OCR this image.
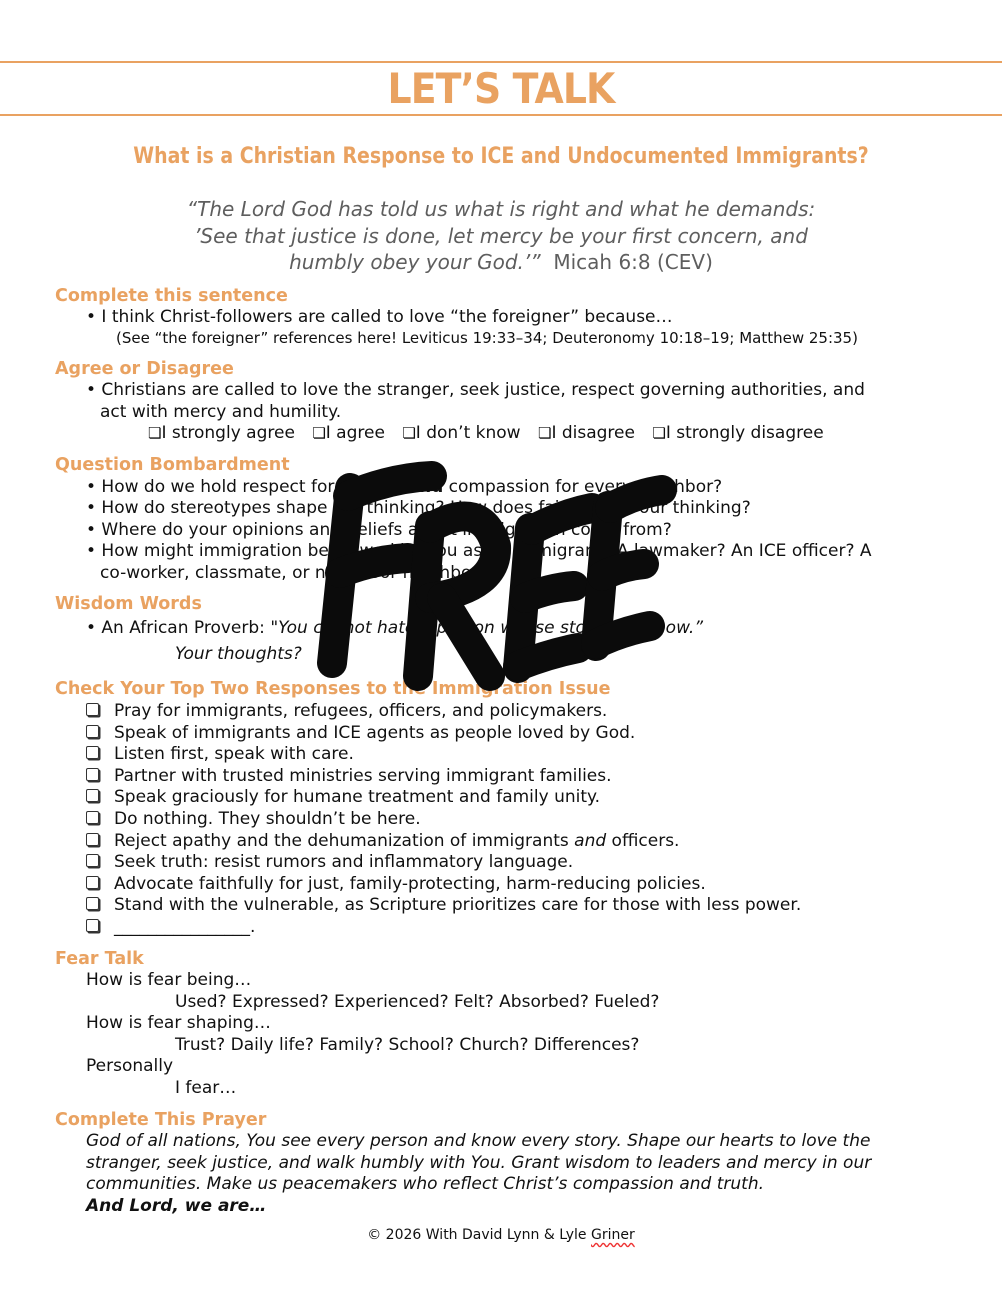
LET’S TALK
What is a Christian Response to ICE and Undocumented Immigrants?
“The Lord God has told us what is right and what he demands:
’See that justice is done, let mercy be your first concern, and
humbly obey your God.’” Micah 6:8 (CEV)
Complete this sentence
• I think Christ-followers are called to love “the foreigner” because…
(See “the foreigner” references here! Leviticus 19:33–34; Deuteronomy 10:18–19; Matthew 25:35)
Agree or Disagree
• Christians are called to love the stranger, seek justice, respect governing authorities, and
act with mercy and humility.
❏I strongly agree ❏I agree ❏I don’t know ❏I disagree ❏I strongly disagree
Question Bombardment
• How do we hold respect for the law and compassion for every neighbor?
• How do stereotypes shape our thinking? How does faith shape our thinking?
• Where do your opinions and beliefs about immigration come from?
• How might immigration be viewed by you as an immigrant? A lawmaker? An ICE officer? A
co-worker, classmate, or next-door neighbor?
Wisdom Words
• An African Proverb: "You cannot hate a person whose story you know.”
Your thoughts?
Check Your Top Two Responses to the Immigration Issue
Pray for immigrants, refugees, officers, and policymakers.
Speak of immigrants and ICE agents as people loved by God.
Listen first, speak with care.
Partner with trusted ministries serving immigrant families.
Speak graciously for humane treatment and family unity.
Do nothing. They shouldn’t be here.
Reject apathy and the dehumanization of immigrants and officers.
Seek truth: resist rumors and inflammatory language.
Advocate faithfully for just, family-protecting, harm-reducing policies.
Stand with the vulnerable, as Scripture prioritizes care for those with less power.
________________.
Fear Talk
How is fear being…
Used? Expressed? Experienced? Felt? Absorbed? Fueled?
How is fear shaping…
Trust? Daily life? Family? School? Church? Differences?
Personally
I fear…
Complete This Prayer
God of all nations, You see every person and know every story. Shape our hearts to love the
stranger, seek justice, and walk humbly with You. Grant wisdom to leaders and mercy in our
communities. Make us peacemakers who reflect Christ’s compassion and truth.
And Lord, we are…
© 2026 With David Lynn & Lyle Griner
